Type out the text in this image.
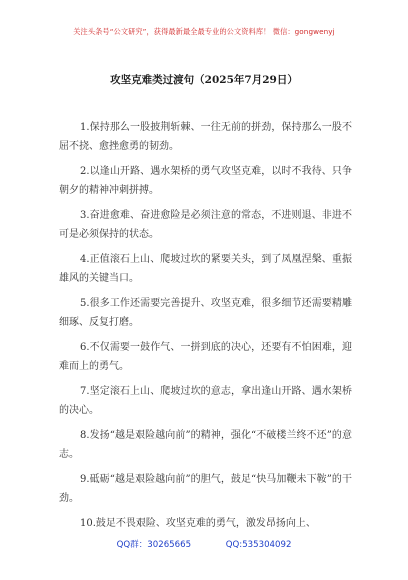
关注头条号“公文研究”，获得最新最全最专业的公文资料库！ 微信：gongwenyj
攻坚克难类过渡句（2025年7月29日）

1.保持那么一股披荆斩棘、一往无前的拼劲，保持那么一股不屈不挠、愈挫愈勇的韧劲。

2.以逢山开路、遇水架桥的勇气攻坚克难，以时不我待、只争朝夕的精神冲刺拼搏。

3.奋进愈难、奋进愈险是必须注意的常态，不进则退、非进不可是必须保持的状态。

4.正值滚石上山、爬坡过坎的紧要关头，到了凤凰涅槃、重振雄风的关键当口。

5.很多工作还需要完善提升、攻坚克难，很多细节还需要精雕细琢、反复打磨。

6.不仅需要一鼓作气、一拼到底的决心，还要有不怕困难，迎难而上的勇气。

7.坚定滚石上山、爬坡过坎的意志，拿出逢山开路、遇水架桥的决心。

8.发扬“越是艰险越向前”的精神，强化“不破楼兰终不还”的意志。

9.砥砺“越是艰险越向前”的胆气，鼓足“快马加鞭未下鞍”的干劲。

10.鼓足不畏艰险、攻坚克难的勇气，激发昂扬向上、

QQ群：30265665	QQ:535304092
